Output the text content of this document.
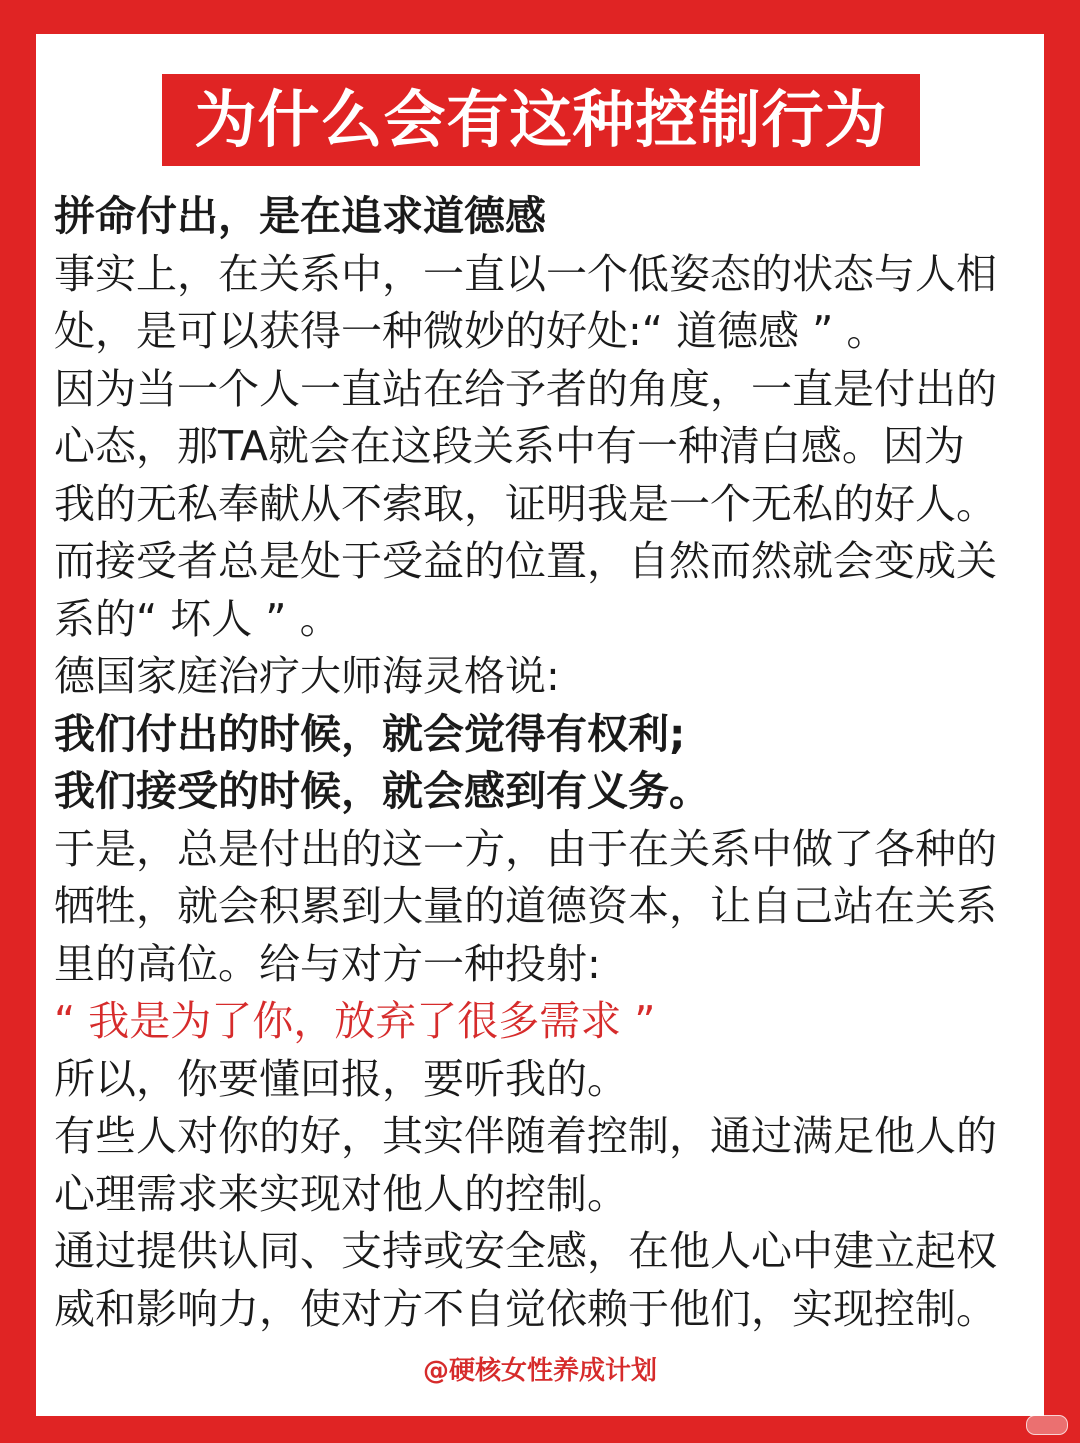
为什么会有这种控制行为
拼命付出，是在追求道德感
事实上，在关系中，一直以一个低姿态的状态与人相
处，是可以获得一种微妙的好处:“ 道德感 ” 。
因为当一个人一直站在给予者的角度，一直是付出的
心态，那TA就会在这段关系中有一种清白感。因为
我的无私奉献从不索取，证明我是一个无私的好人。
而接受者总是处于受益的位置，自然而然就会变成关
系的“ 坏人 ” 。
德国家庭治疗大师海灵格说:
我们付出的时候，就会觉得有权利;
我们接受的时候，就会感到有义务。
于是，总是付出的这一方，由于在关系中做了各种的
牺牲，就会积累到大量的道德资本，让自己站在关系
里的高位。给与对方一种投射:
“ 我是为了你，放弃了很多需求 ”
所以，你要懂回报，要听我的。
有些人对你的好，其实伴随着控制，通过满足他人的
心理需求来实现对他人的控制。
通过提供认同、支持或安全感，在他人心中建立起权
威和影响力，使对方不自觉依赖于他们，实现控制。
@硬核女性养成计划
